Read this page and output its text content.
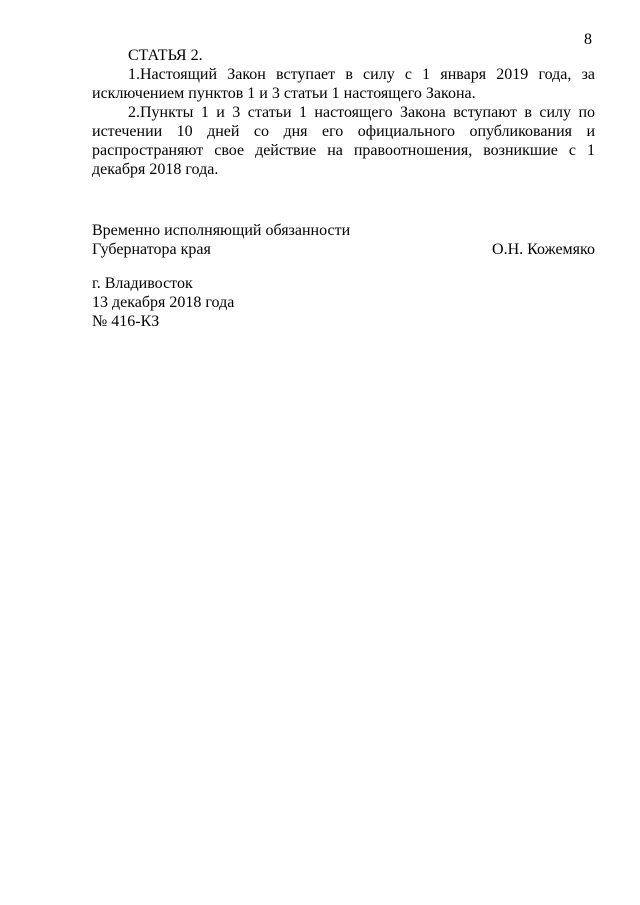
8

СТАТЬЯ 2.

1.Настоящий Закон вступает в силу с 1 января 2019 года, за исключением пунктов 1 и 3 статьи 1 настоящего Закона.

2.Пункты 1 и 3 статьи 1 настоящего Закона вступают в силу по истечении 10 дней со дня его официального опубликования и распространяют свое действие на правоотношения, возникшие с 1 декабря 2018 года.

Временно исполняющий обязанности

Губернатора края	О.Н. Кожемяко
г. Владивосток
13 декабря 2018 года
№ 416-КЗ
